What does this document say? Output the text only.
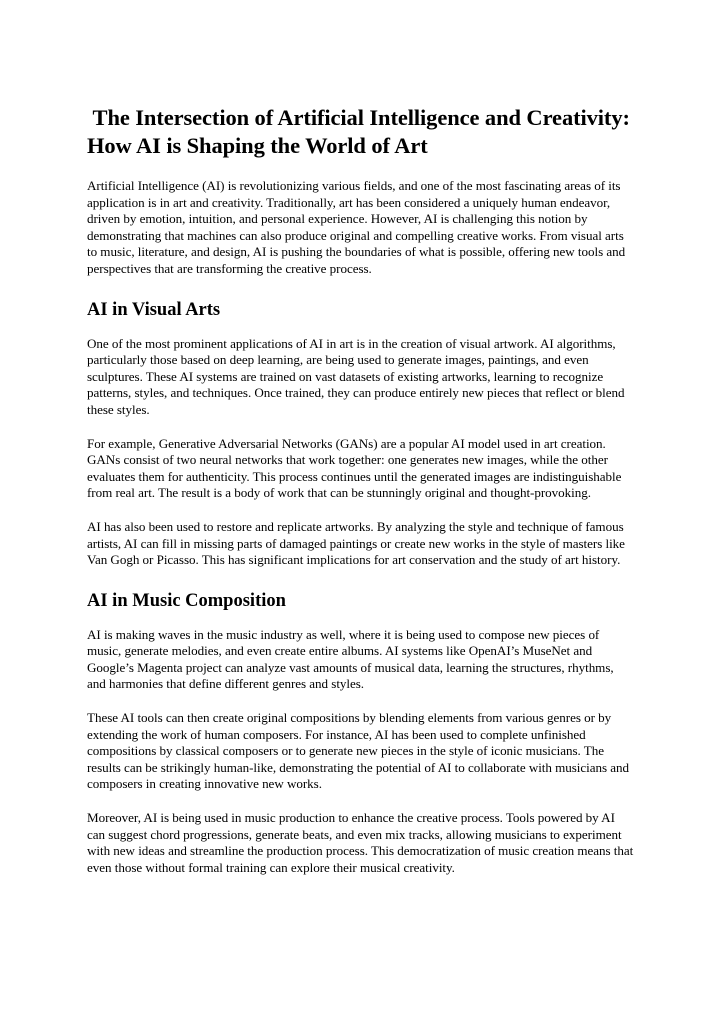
The Intersection of Artificial Intelligence and Creativity: How AI is Shaping the World of Art

Artificial Intelligence (AI) is revolutionizing various fields, and one of the most fascinating areas of its application is in art and creativity. Traditionally, art has been considered a uniquely human endeavor, driven by emotion, intuition, and personal experience. However, AI is challenging this notion by demonstrating that machines can also produce original and compelling creative works. From visual arts to music, literature, and design, AI is pushing the boundaries of what is possible, offering new tools and perspectives that are transforming the creative process.

AI in Visual Arts

One of the most prominent applications of AI in art is in the creation of visual artwork. AI algorithms, particularly those based on deep learning, are being used to generate images, paintings, and even sculptures. These AI systems are trained on vast datasets of existing artworks, learning to recognize patterns, styles, and techniques. Once trained, they can produce entirely new pieces that reflect or blend these styles.

For example, Generative Adversarial Networks (GANs) are a popular AI model used in art creation. GANs consist of two neural networks that work together: one generates new images, while the other evaluates them for authenticity. This process continues until the generated images are indistinguishable from real art. The result is a body of work that can be stunningly original and thought-provoking.

AI has also been used to restore and replicate artworks. By analyzing the style and technique of famous artists, AI can fill in missing parts of damaged paintings or create new works in the style of masters like Van Gogh or Picasso. This has significant implications for art conservation and the study of art history.

AI in Music Composition

AI is making waves in the music industry as well, where it is being used to compose new pieces of music, generate melodies, and even create entire albums. AI systems like OpenAI’s MuseNet and Google’s Magenta project can analyze vast amounts of musical data, learning the structures, rhythms, and harmonies that define different genres and styles.

These AI tools can then create original compositions by blending elements from various genres or by extending the work of human composers. For instance, AI has been used to complete unfinished compositions by classical composers or to generate new pieces in the style of iconic musicians. The results can be strikingly human-like, demonstrating the potential of AI to collaborate with musicians and composers in creating innovative new works.

Moreover, AI is being used in music production to enhance the creative process. Tools powered by AI can suggest chord progressions, generate beats, and even mix tracks, allowing musicians to experiment with new ideas and streamline the production process. This democratization of music creation means that even those without formal training can explore their musical creativity.
